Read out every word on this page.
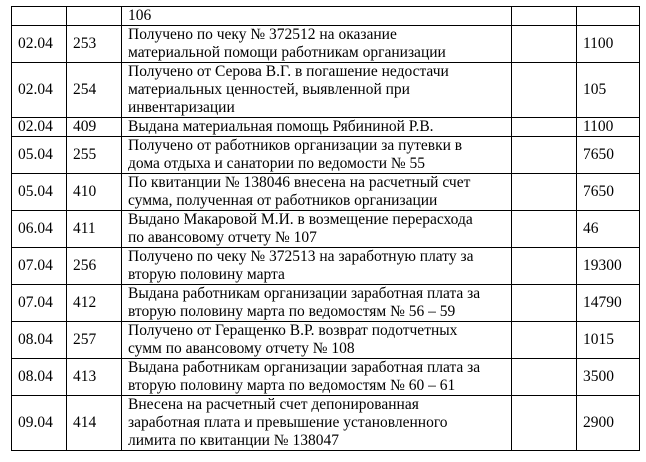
		106		
02.04	253	Получено по чеку № 372512 на оказание
материальной помощи работникам организации		1100
02.04	254	Получено от Серова В.Г. в погашение недостачи
материальных ценностей, выявленной при
инвентаризации		105
02.04	409	Выдана материальная помощь Рябининой Р.В.		1100
05.04	255	Получено от работников организации за путевки в
дома отдыха и санатории по ведомости № 55		7650
05.04	410	По квитанции № 138046 внесена на расчетный счет
сумма, полученная от работников организации		7650
06.04	411	Выдано Макаровой М.И. в возмещение перерасхода
по авансовому отчету № 107		46
07.04	256	Получено по чеку № 372513 на заработную плату за
вторую половину марта		19300
07.04	412	Выдана работникам организации заработная плата за
вторую половину марта по ведомостям № 56 – 59		14790
08.04	257	Получено от Геращенко В.Р. возврат подотчетных
сумм по авансовому отчету № 108		1015
08.04	413	Выдана работникам организации заработная плата за
вторую половину марта по ведомостям № 60 – 61		3500
09.04	414	Внесена на расчетный счет депонированная
заработная плата и превышение установленного
лимита по квитанции № 138047		2900
